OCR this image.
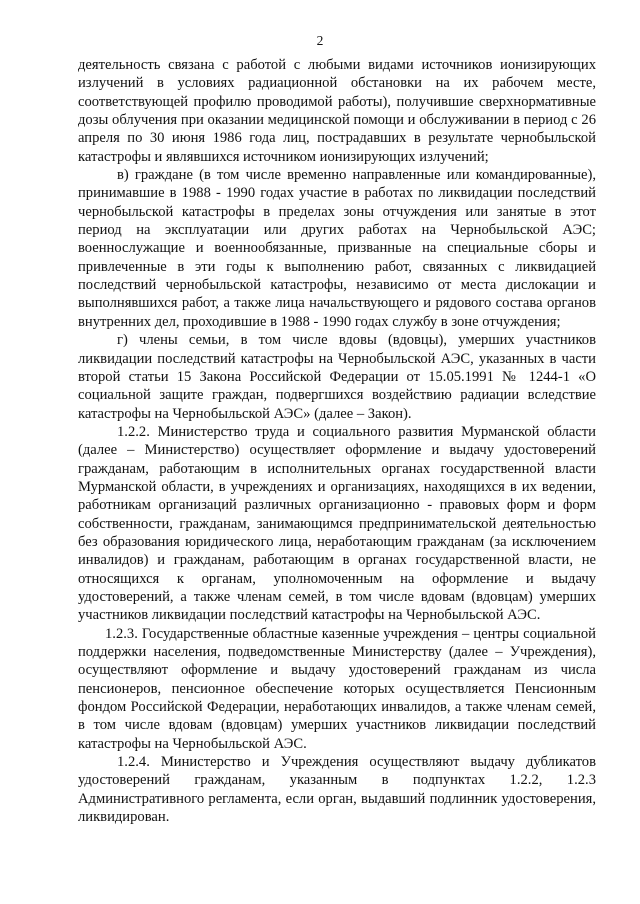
2

деятельность связана с работой с любыми видами источников ионизирующих излучений в условиях радиационной обстановки на их рабочем месте, соответствующей профилю проводимой работы), получившие сверхнормативные дозы облучения при оказании медицинской помощи и обслуживании в период с 26 апреля по 30 июня 1986 года лиц, пострадавших в результате чернобыльской катастрофы и являвшихся источником ионизирующих излучений;

в) граждане (в том числе временно направленные или командированные), принимавшие в 1988 - 1990 годах участие в работах по ликвидации последствий чернобыльской катастрофы в пределах зоны отчуждения или занятые в этот период на эксплуатации или других работах на Чернобыльской АЭС; военнослужащие и военнообязанные, призванные на специальные сборы и привлеченные в эти годы к выполнению работ, связанных с ликвидацией последствий чернобыльской катастрофы, независимо от места дислокации и выполнявшихся работ, а также лица начальствующего и рядового состава органов внутренних дел, проходившие в 1988 - 1990 годах службу в зоне отчуждения;

г) члены семьи, в том числе вдовы (вдовцы), умерших участников ликвидации последствий катастрофы на Чернобыльской АЭС, указанных в части второй статьи 15 Закона Российской Федерации от 15.05.1991 № 1244-1 «О социальной защите граждан, подвергшихся воздействию радиации вследствие катастрофы на Чернобыльской АЭС» (далее – Закон).

1.2.2. Министерство труда и социального развития Мурманской области (далее – Министерство) осуществляет оформление и выдачу удостоверений гражданам, работающим в исполнительных органах государственной власти Мурманской области, в учреждениях и организациях, находящихся в их ведении, работникам организаций различных организационно - правовых форм и форм собственности, гражданам, занимающимся предпринимательской деятельностью без образования юридического лица, неработающим гражданам (за исключением инвалидов) и гражданам, работающим в органах государственной власти, не относящихся к органам, уполномоченным на оформление и выдачу удостоверений, а также членам семей, в том числе вдовам (вдовцам) умерших участников ликвидации последствий катастрофы на Чернобыльской АЭС.

1.2.3. Государственные областные казенные учреждения – центры социальной поддержки населения, подведомственные Министерству (далее – Учреждения), осуществляют оформление и выдачу удостоверений гражданам из числа пенсионеров, пенсионное обеспечение которых осуществляется Пенсионным фондом Российской Федерации, неработающих инвалидов, а также членам семей, в том числе вдовам (вдовцам) умерших участников ликвидации последствий катастрофы на Чернобыльской АЭС.

1.2.4. Министерство и Учреждения осуществляют выдачу дубликатов удостоверений гражданам, указанным в подпунктах 1.2.2, 1.2.3 Административного регламента, если орган, выдавший подлинник удостоверения, ликвидирован.
